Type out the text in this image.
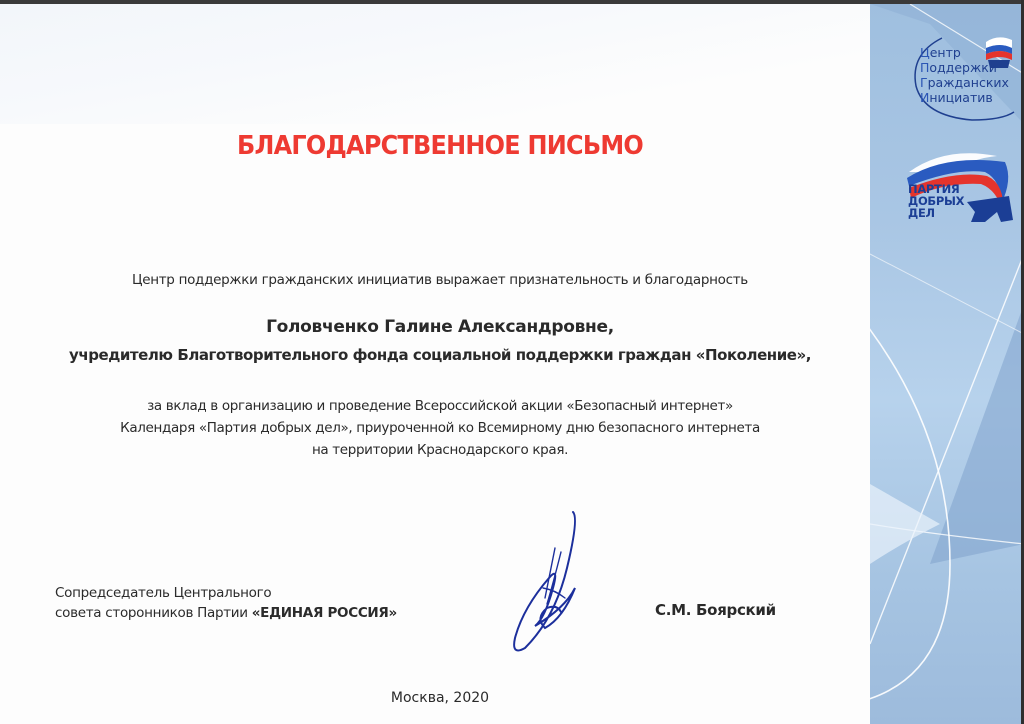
Центр
Поддержки
Гражданских
Инициатив
ПАРТИЯ
ДОБРЫХ
ДЕЛ
БЛАГОДАРСТВЕННОЕ ПИСЬМО
Центр поддержки гражданских инициатив выражает признательность и благодарность
Головченко Галине Александровне,
учредителю Благотворительного фонда социальной поддержки граждан «Поколение»,
за вклад в организацию и проведение Всероссийской акции «Безопасный интернет»
Календаря «Партия добрых дел», приуроченной ко Всемирному дню безопасного интернета
на территории Краснодарского края.
Сопредседатель Центрального
совета сторонников Партии «ЕДИНАЯ РОССИЯ»	С.М. Боярский
Москва, 2020
